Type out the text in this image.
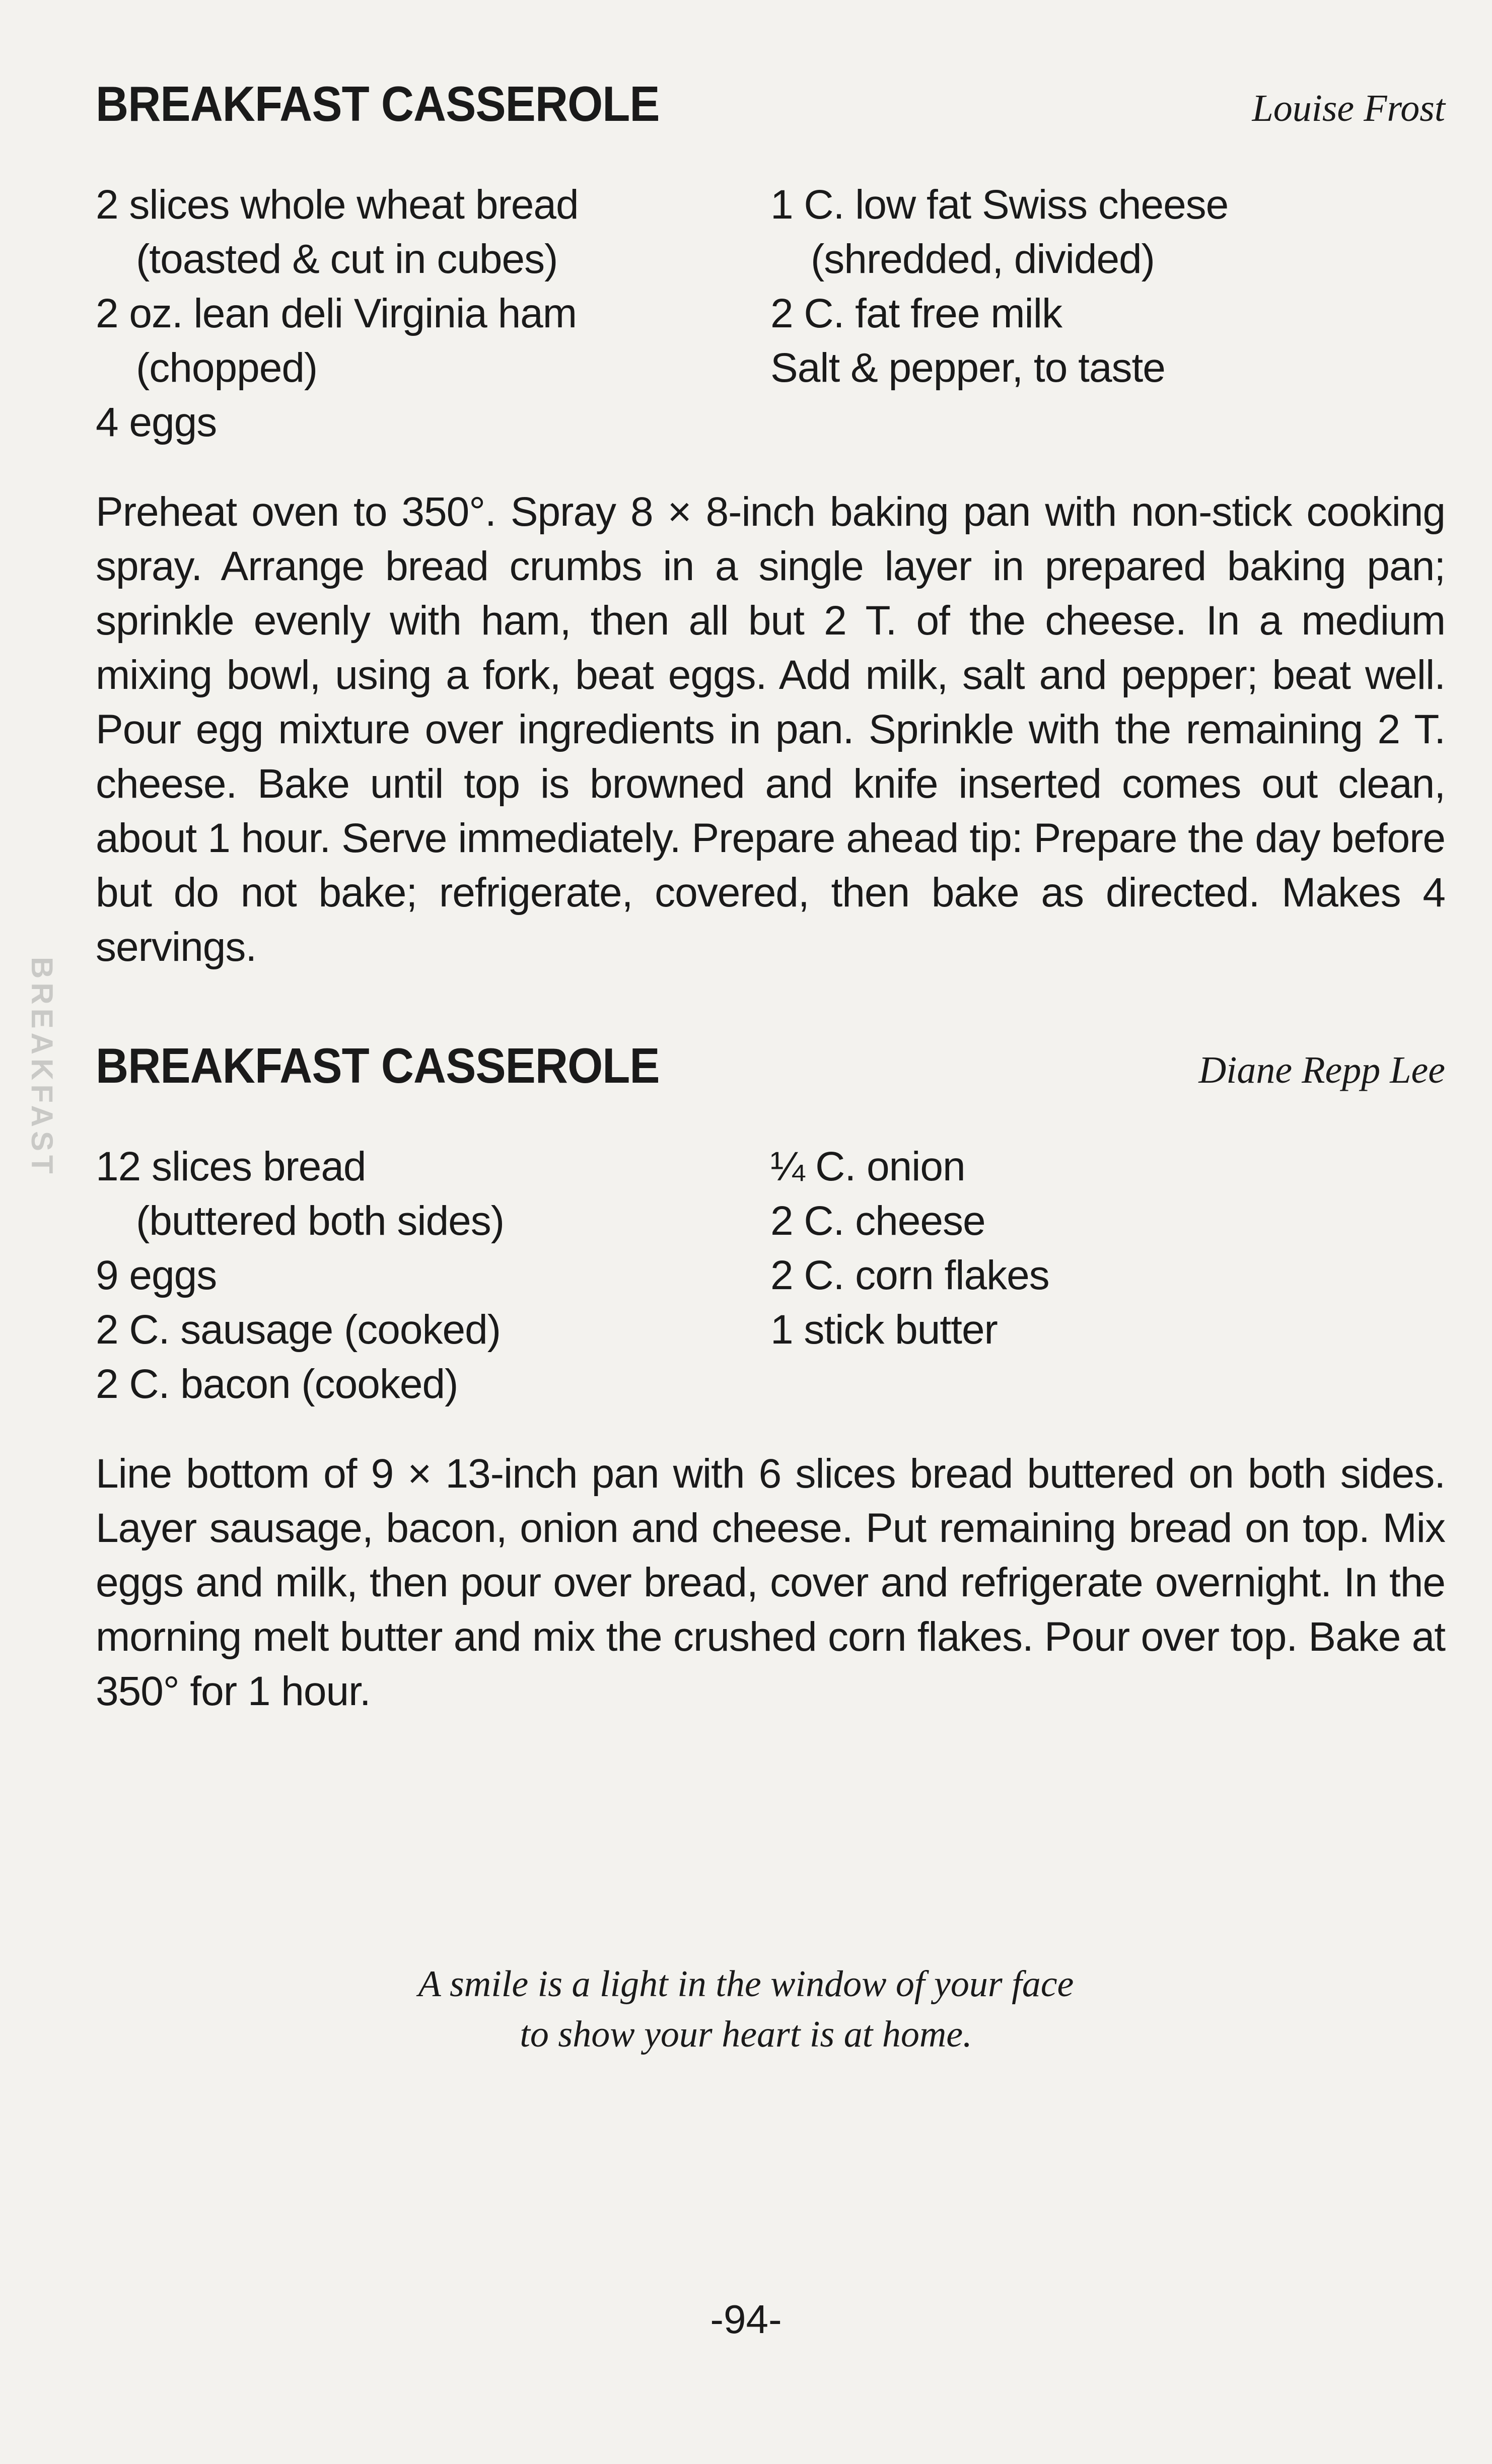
BREAKFAST
BREAKFAST CASSEROLE	Louise Frost
2 slices whole wheat bread
(toasted & cut in cubes)
2 oz. lean deli Virginia ham
(chopped)
4 eggs
1 C. low fat Swiss cheese
(shredded, divided)
2 C. fat free milk
Salt & pepper, to taste
Preheat oven to 350°. Spray 8 × 8-inch baking pan with non-stick cooking spray. Arrange bread crumbs in a single layer in prepared baking pan; sprinkle evenly with ham, then all but 2 T. of the cheese. In a medium mixing bowl, using a fork, beat eggs. Add milk, salt and pepper; beat well. Pour egg mixture over ingredients in pan. Sprinkle with the remaining 2 T. cheese. Bake until top is browned and knife inserted comes out clean, about 1 hour. Serve immediately. Prepare ahead tip: Prepare the day before but do not bake; refrigerate, covered, then bake as directed. Makes 4 servings.
BREAKFAST CASSEROLE	Diane Repp Lee
12 slices bread
(buttered both sides)
9 eggs
2 C. sausage (cooked)
2 C. bacon (cooked)
¼ C. onion
2 C. cheese
2 C. corn flakes
1 stick butter
Line bottom of 9 × 13-inch pan with 6 slices bread buttered on both sides. Layer sausage, bacon, onion and cheese. Put remaining bread on top. Mix eggs and milk, then pour over bread, cover and refrigerate overnight. In the morning melt butter and mix the crushed corn flakes. Pour over top. Bake at 350° for 1 hour.
A smile is a light in the window of your face
to show your heart is at home.
-94-
